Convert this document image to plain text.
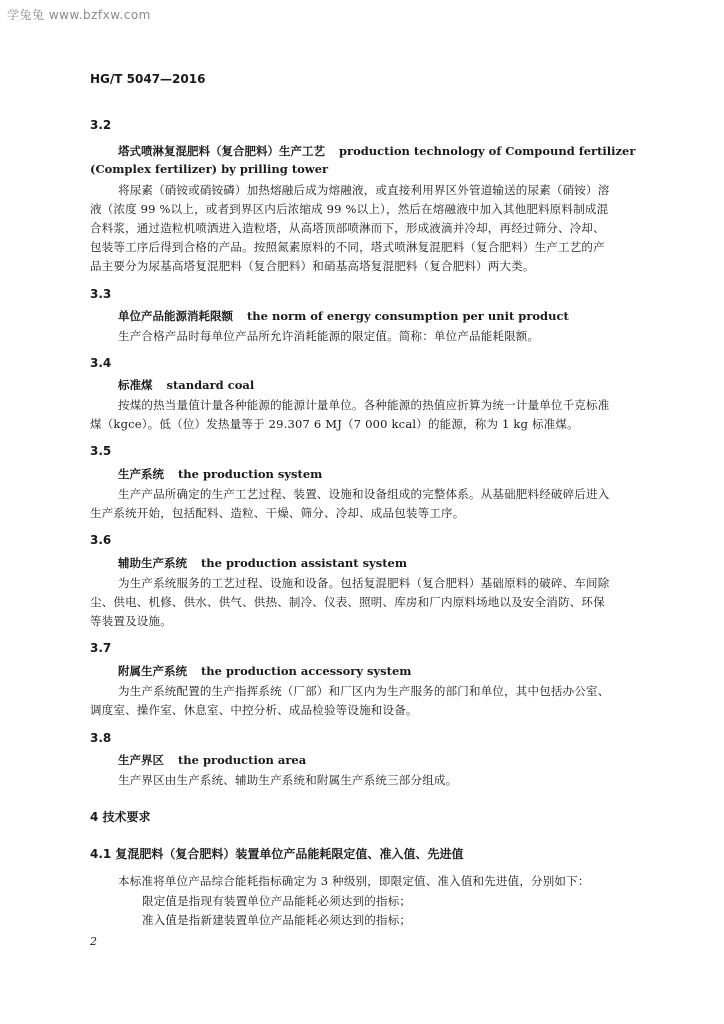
学兔兔 www.bzfxw.com
HG/T 5047—2016
3.2
塔式喷淋复混肥料（复合肥料）生产工艺 production technology of Compound fertilizer
(Complex fertilizer) by prilling tower
将尿素（硝铵或硝铵磷）加热熔融后成为熔融液，或直接利用界区外管道输送的尿素（硝铵）溶
液（浓度 99 %以上，或者到界区内后浓缩成 99 %以上），然后在熔融液中加入其他肥料原料制成混
合料浆，通过造粒机喷洒进入造粒塔，从高塔顶部喷淋而下，形成液滴并冷却，再经过筛分、冷却、
包装等工序后得到合格的产品。按照氮素原料的不同，塔式喷淋复混肥料（复合肥料）生产工艺的产
品主要分为尿基高塔复混肥料（复合肥料）和硝基高塔复混肥料（复合肥料）两大类。
3.3
单位产品能源消耗限额 the norm of energy consumption per unit product
生产合格产品时每单位产品所允许消耗能源的限定值。简称：单位产品能耗限额。
3.4
标准煤 standard coal
按煤的热当量值计量各种能源的能源计量单位。各种能源的热值应折算为统一计量单位千克标准
煤（kgce）。低（位）发热量等于 29.307 6 MJ（7 000 kcal）的能源，称为 1 kg 标准煤。
3.5
生产系统 the production system
生产产品所确定的生产工艺过程、装置、设施和设备组成的完整体系。从基础肥料经破碎后进入
生产系统开始，包括配料、造粒、干燥、筛分、冷却、成品包装等工序。
3.6
辅助生产系统 the production assistant system
为生产系统服务的工艺过程、设施和设备。包括复混肥料（复合肥料）基础原料的破碎、车间除
尘、供电、机修、供水、供气、供热、制冷、仪表、照明、库房和厂内原料场地以及安全消防、环保
等装置及设施。
3.7
附属生产系统 the production accessory system
为生产系统配置的生产指挥系统（厂部）和厂区内为生产服务的部门和单位，其中包括办公室、
调度室、操作室、休息室、中控分析、成品检验等设施和设备。
3.8
生产界区 the production area
生产界区由生产系统、辅助生产系统和附属生产系统三部分组成。
4 技术要求
4.1 复混肥料（复合肥料）装置单位产品能耗限定值、准入值、先进值
本标准将单位产品综合能耗指标确定为 3 种级别，即限定值、准入值和先进值，分别如下：
限定值是指现有装置单位产品能耗必须达到的指标；
准入值是指新建装置单位产品能耗必须达到的指标；
2
